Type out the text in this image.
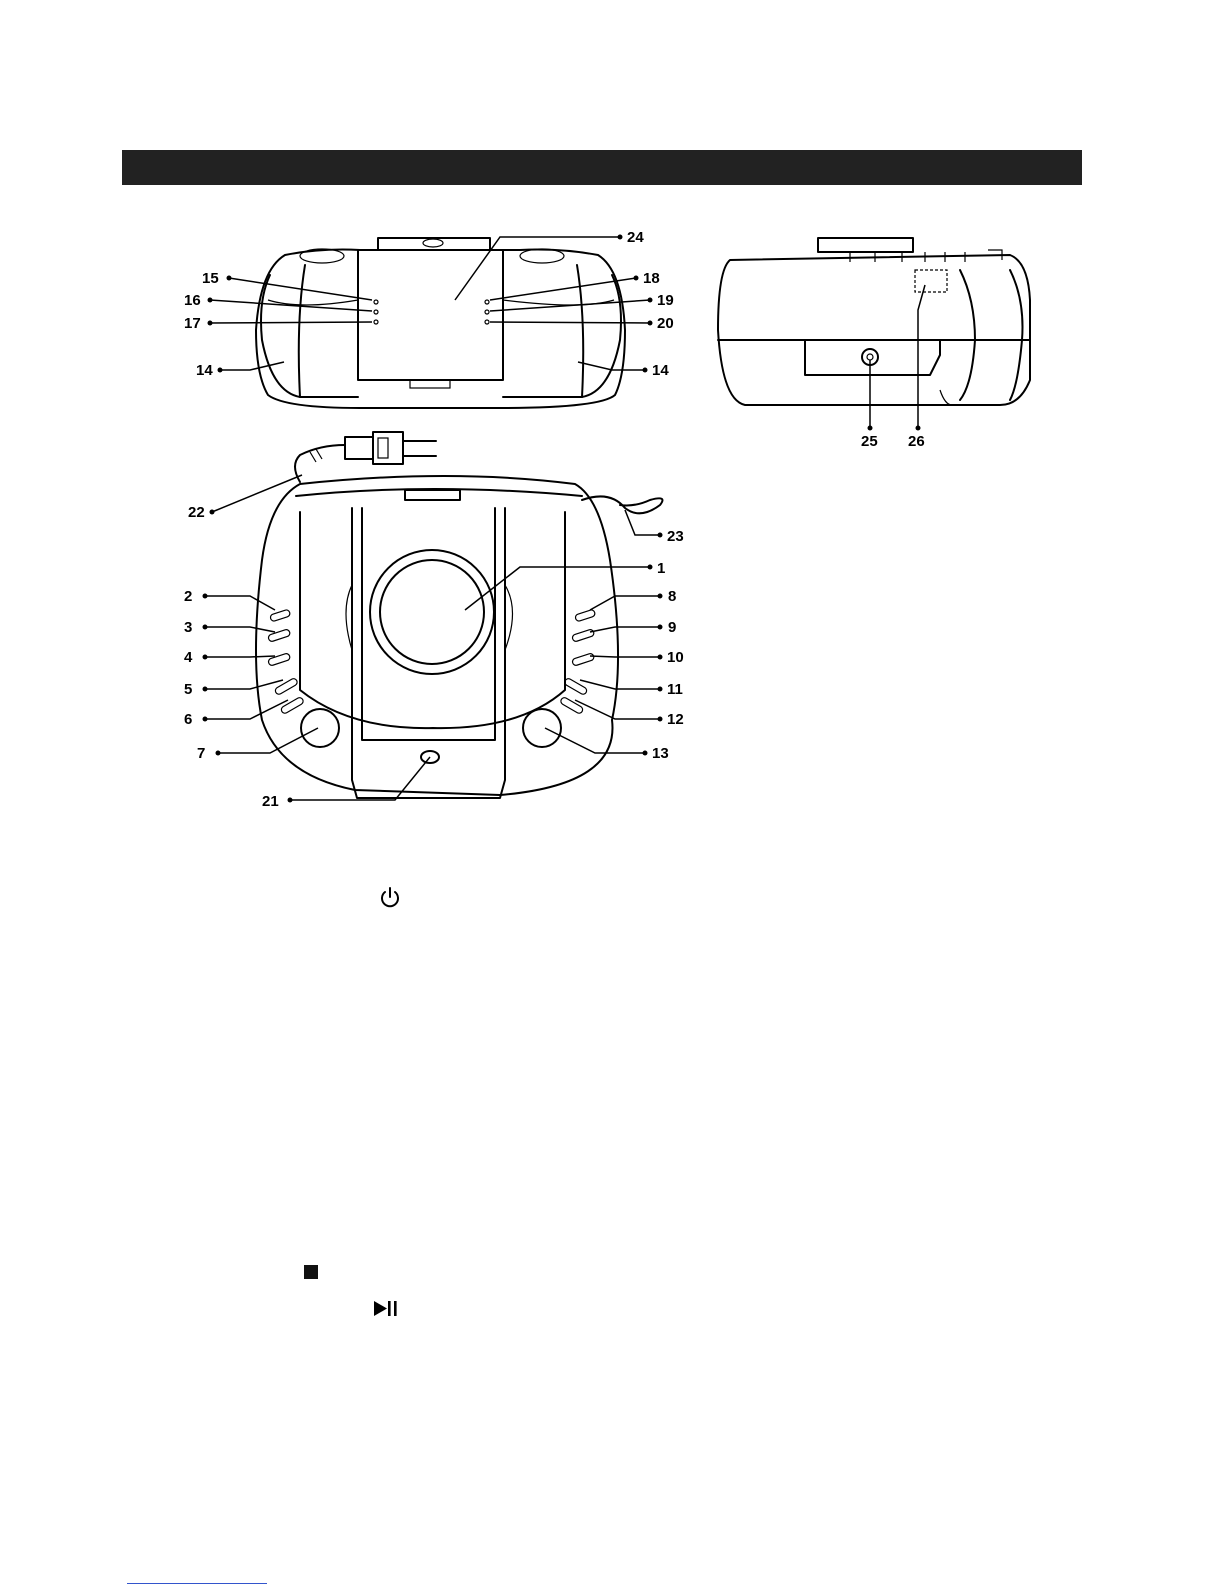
15
16
17
18
19
20
14	14
24
25 26
22
23
1
2
3
4
5
6
7
8
9
10
11
12
13
21
